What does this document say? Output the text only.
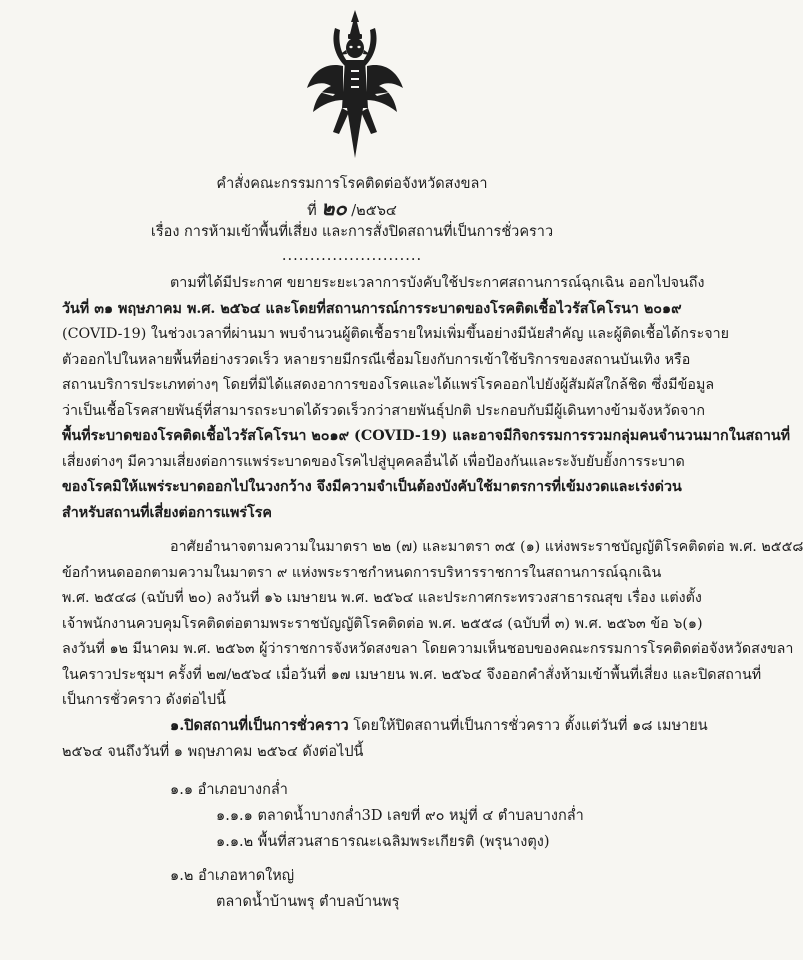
คำสั่งคณะกรรมการโรคติดต่อจังหวัดสงขลา
ที่ ๒๐ /๒๕๖๔
เรื่อง การห้ามเข้าพื้นที่เสี่ยง และการสั่งปิดสถานที่เป็นการชั่วคราว
.........................
ตามที่ได้มีประกาศ ขยายระยะเวลาการบังคับใช้ประกาศสถานการณ์ฉุกเฉิน ออกไปจนถึง
วันที่ ๓๑ พฤษภาคม พ.ศ. ๒๕๖๔ และโดยที่สถานการณ์การระบาดของโรคติดเชื้อไวรัสโคโรนา ๒๐๑๙
(COVID-19) ในช่วงเวลาที่ผ่านมา พบจำนวนผู้ติดเชื้อรายใหม่เพิ่มขึ้นอย่างมีนัยสำคัญ และผู้ติดเชื้อได้กระจาย
ตัวออกไปในหลายพื้นที่อย่างรวดเร็ว หลายรายมีกรณีเชื่อมโยงกับการเข้าใช้บริการของสถานบันเทิง หรือ
สถานบริการประเภทต่างๆ โดยที่มิได้แสดงอาการของโรคและได้แพร่โรคออกไปยังผู้สัมผัสใกล้ชิด ซึ่งมีข้อมูล
ว่าเป็นเชื้อโรคสายพันธุ์ที่สามารถระบาดได้รวดเร็วกว่าสายพันธุ์ปกติ ประกอบกับมีผู้เดินทางข้ามจังหวัดจาก
พื้นที่ระบาดของโรคติดเชื้อไวรัสโคโรนา ๒๐๑๙ (COVID-19) และอาจมีกิจกรรมการรวมกลุ่มคนจำนวนมากในสถานที่
เสี่ยงต่างๆ มีความเสี่ยงต่อการแพร่ระบาดของโรคไปสู่บุคคลอื่นได้ เพื่อป้องกันและระงับยับยั้งการระบาด
ของโรคมิให้แพร่ระบาดออกไปในวงกว้าง จึงมีความจำเป็นต้องบังคับใช้มาตรการที่เข้มงวดและเร่งด่วน
สำหรับสถานที่เสี่ยงต่อการแพร่โรค
อาศัยอำนาจตามความในมาตรา ๒๒ (๗) และมาตรา ๓๕ (๑) แห่งพระราชบัญญัติโรคติดต่อ พ.ศ. ๒๕๕๘
ข้อกำหนดออกตามความในมาตรา ๙ แห่งพระราชกำหนดการบริหารราชการในสถานการณ์ฉุกเฉิน
พ.ศ. ๒๕๔๘ (ฉบับที่ ๒๐) ลงวันที่ ๑๖ เมษายน พ.ศ. ๒๕๖๔ และประกาศกระทรวงสาธารณสุข เรื่อง แต่งตั้ง
เจ้าพนักงานควบคุมโรคติดต่อตามพระราชบัญญัติโรคติดต่อ พ.ศ. ๒๕๕๘ (ฉบับที่ ๓) พ.ศ. ๒๕๖๓ ข้อ ๖(๑)
ลงวันที่ ๑๒ มีนาคม พ.ศ. ๒๕๖๓ ผู้ว่าราชการจังหวัดสงขลา โดยความเห็นชอบของคณะกรรมการโรคติดต่อจังหวัดสงขลา
ในคราวประชุมฯ ครั้งที่ ๒๗/๒๕๖๔ เมื่อวันที่ ๑๗ เมษายน พ.ศ. ๒๕๖๔ จึงออกคำสั่งห้ามเข้าพื้นที่เสี่ยง และปิดสถานที่
เป็นการชั่วคราว ดังต่อไปนี้
๑.ปิดสถานที่เป็นการชั่วคราว โดยให้ปิดสถานที่เป็นการชั่วคราว ตั้งแต่วันที่ ๑๘ เมษายน
๒๕๖๔ จนถึงวันที่ ๑ พฤษภาคม ๒๕๖๔ ดังต่อไปนี้
๑.๑ อำเภอบางกล่ำ
๑.๑.๑ ตลาดน้ำบางกล่ำ3D เลขที่ ๙๐ หมู่ที่ ๔ ตำบลบางกล่ำ
๑.๑.๒ พื้นที่สวนสาธารณะเฉลิมพระเกียรติ (พรุนางตุง)
๑.๒ อำเภอหาดใหญ่
ตลาดน้ำบ้านพรุ ตำบลบ้านพรุ
